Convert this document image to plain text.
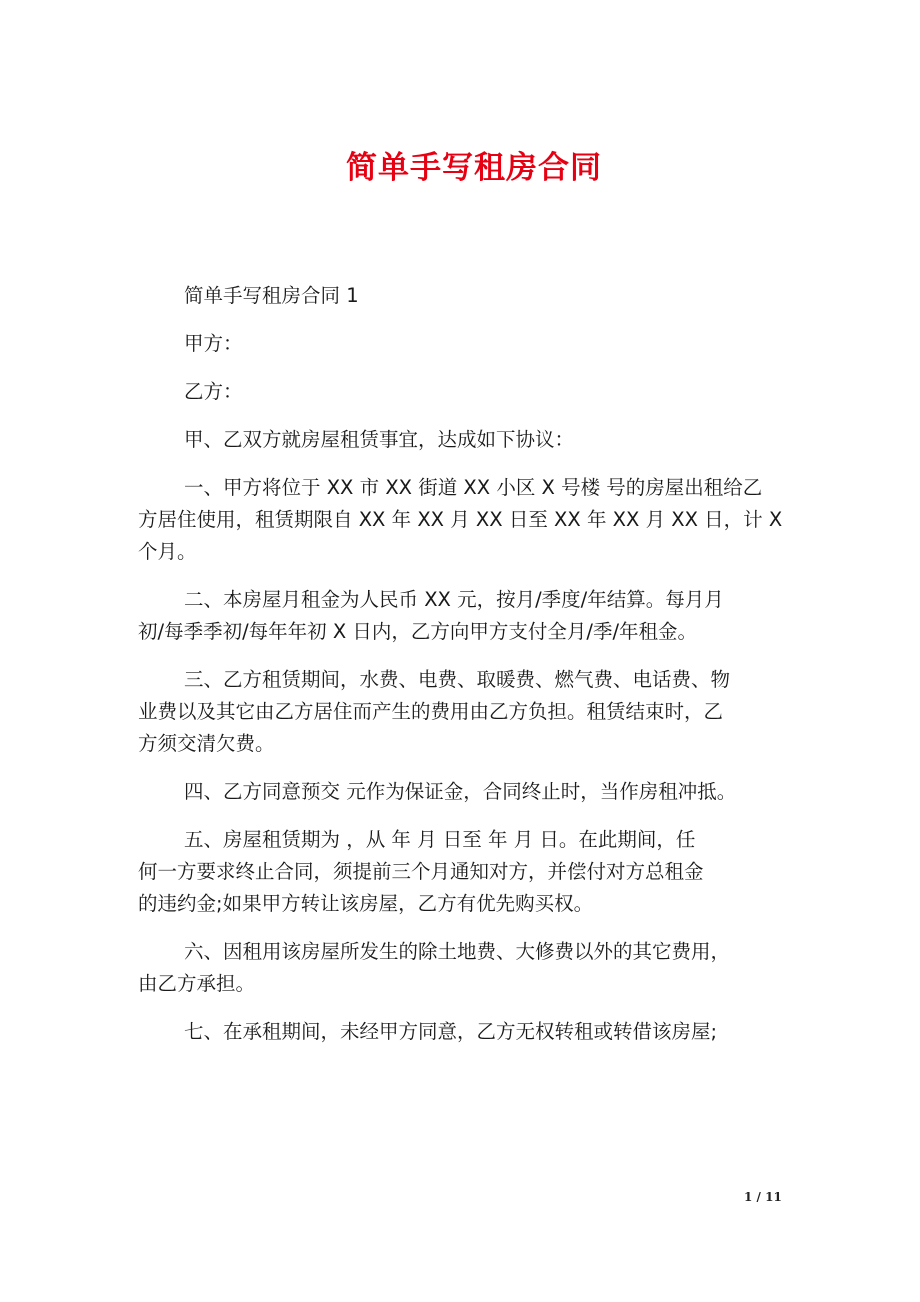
简单手写租房合同
简单手写租房合同 1
甲方：
乙方：
甲、乙双方就房屋租赁事宜，达成如下协议：
一、甲方将位于 XX 市 XX 街道 XX 小区 X 号楼 号的房屋出租给乙
方居住使用，租赁期限自 XX 年 XX 月 XX 日至 XX 年 XX 月 XX 日，计 X
个月。
二、本房屋月租金为人民币 XX 元，按月/季度/年结算。每月月
初/每季季初/每年年初 X 日内，乙方向甲方支付全月/季/年租金。
三、乙方租赁期间，水费、电费、取暖费、燃气费、电话费、物
业费以及其它由乙方居住而产生的费用由乙方负担。租赁结束时，乙
方须交清欠费。
四、乙方同意预交 元作为保证金，合同终止时，当作房租冲抵。
五、房屋租赁期为 ，从 年 月 日至 年 月 日。在此期间，任
何一方要求终止合同，须提前三个月通知对方，并偿付对方总租金
的违约金;如果甲方转让该房屋，乙方有优先购买权。
六、因租用该房屋所发生的除土地费、大修费以外的其它费用，
由乙方承担。
七、在承租期间，未经甲方同意，乙方无权转租或转借该房屋;
1 / 11
